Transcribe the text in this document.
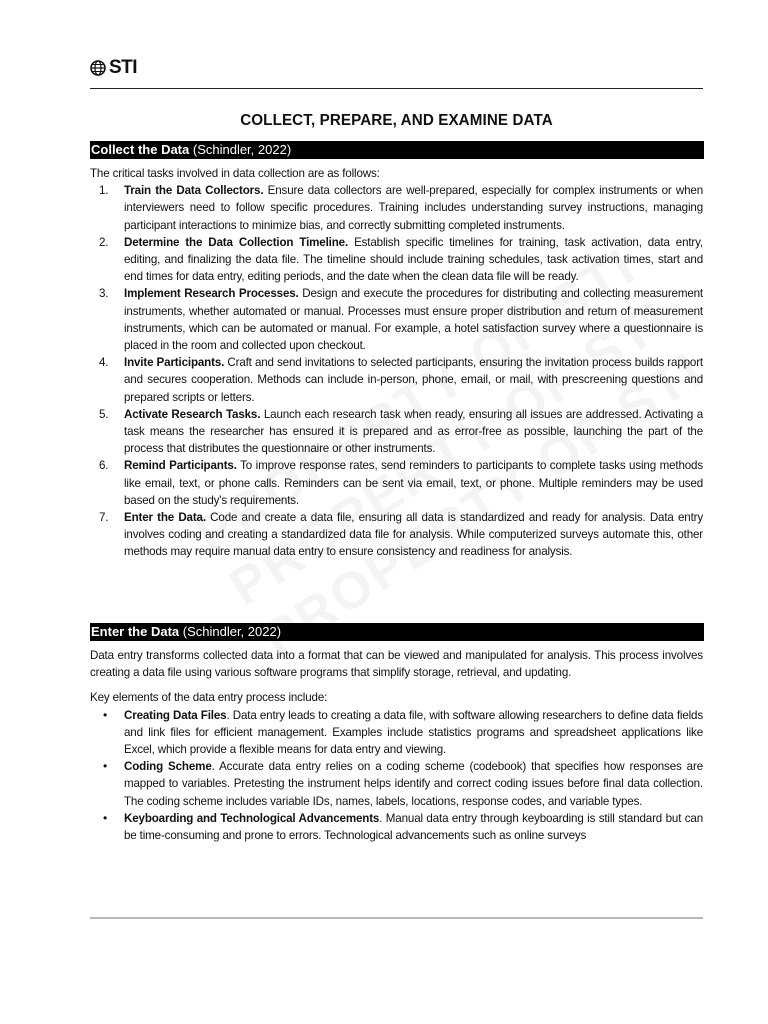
STI
COLLECT, PREPARE, AND EXAMINE DATA
Collect the Data (Schindler, 2022)

The critical tasks involved in data collection are as follows:

1. Train the Data Collectors. Ensure data collectors are well-prepared, especially for complex instruments or when interviewers need to follow specific procedures. Training includes understanding survey instructions, managing participant interactions to minimize bias, and correctly submitting completed instruments.
2. Determine the Data Collection Timeline. Establish specific timelines for training, task activation, data entry, editing, and finalizing the data file. The timeline should include training schedules, task activation times, start and end times for data entry, editing periods, and the date when the clean data file will be ready.
3. Implement Research Processes. Design and execute the procedures for distributing and collecting measurement instruments, whether automated or manual. Processes must ensure proper distribution and return of measurement instruments, which can be automated or manual. For example, a hotel satisfaction survey where a questionnaire is placed in the room and collected upon checkout.
4. Invite Participants. Craft and send invitations to selected participants, ensuring the invitation process builds rapport and secures cooperation. Methods can include in-person, phone, email, or mail, with prescreening questions and prepared scripts or letters.
5. Activate Research Tasks. Launch each research task when ready, ensuring all issues are addressed. Activating a task means the researcher has ensured it is prepared and as error-free as possible, launching the part of the process that distributes the questionnaire or other instruments.
6. Remind Participants. To improve response rates, send reminders to participants to complete tasks using methods like email, text, or phone calls. Reminders can be sent via email, text, or phone. Multiple reminders may be used based on the study's requirements.
7. Enter the Data. Code and create a data file, ensuring all data is standardized and ready for analysis. Data entry involves coding and creating a standardized data file for analysis. While computerized surveys automate this, other methods may require manual data entry to ensure consistency and readiness for analysis.
Enter the Data (Schindler, 2022)

Data entry transforms collected data into a format that can be viewed and manipulated for analysis. This process involves creating a data file using various software programs that simplify storage, retrieval, and updating.

Key elements of the data entry process include:

• Creating Data Files. Data entry leads to creating a data file, with software allowing researchers to define data fields and link files for efficient management. Examples include statistics programs and spreadsheet applications like Excel, which provide a flexible means for data entry and viewing.
• Coding Scheme. Accurate data entry relies on a coding scheme (codebook) that specifies how responses are mapped to variables. Pretesting the instrument helps identify and correct coding issues before final data collection. The coding scheme includes variable IDs, names, labels, locations, response codes, and variable types.
• Keyboarding and Technological Advancements. Manual data entry through keyboarding is still standard but can be time-consuming and prone to errors. Technological advancements such as online surveys
